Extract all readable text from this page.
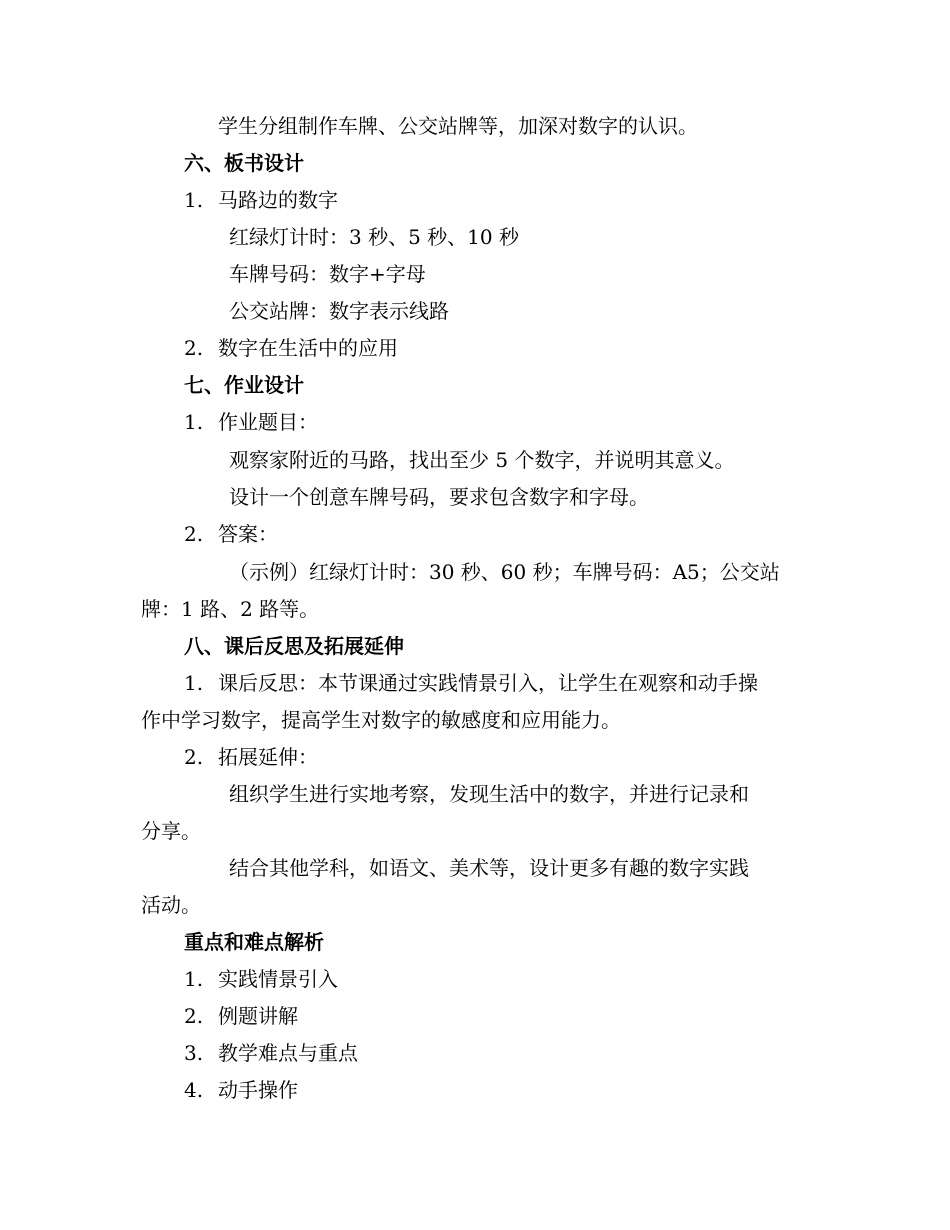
学生分组制作车牌、公交站牌等，加深对数字的认识。
六、板书设计
1. 马路边的数字
红绿灯计时：3 秒、5 秒、10 秒
车牌号码：数字+字母
公交站牌：数字表示线路
2. 数字在生活中的应用
七、作业设计
1. 作业题目：
观察家附近的马路，找出至少 5 个数字，并说明其意义。
设计一个创意车牌号码，要求包含数字和字母。
2. 答案：
（示例）红绿灯计时：30 秒、60 秒；车牌号码：A5；公交站
牌：1 路、2 路等。
八、课后反思及拓展延伸
1. 课后反思：本节课通过实践情景引入，让学生在观察和动手操
作中学习数字，提高学生对数字的敏感度和应用能力。
2. 拓展延伸：
组织学生进行实地考察，发现生活中的数字，并进行记录和
分享。
结合其他学科，如语文、美术等，设计更多有趣的数字实践
活动。
重点和难点解析
1. 实践情景引入
2. 例题讲解
3. 教学难点与重点
4. 动手操作
